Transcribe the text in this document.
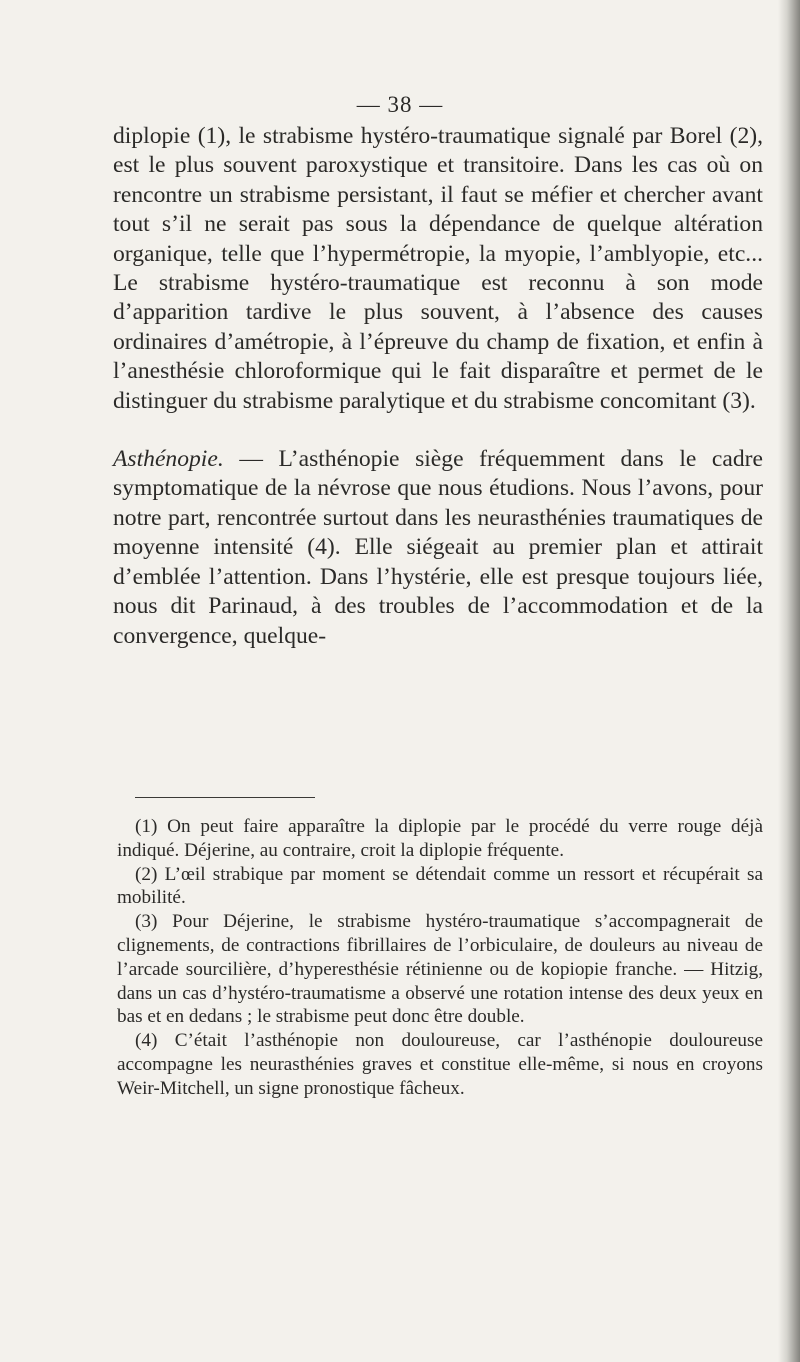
— 38 —

diplopie (1), le strabisme hystéro-traumatique signalé par Borel (2), est le plus souvent paroxystique et transitoire. Dans les cas où on rencontre un strabisme persistant, il faut se méfier et chercher avant tout s’il ne serait pas sous la dépendance de quelque altération organique, telle que l’hypermétropie, la myopie, l’amblyopie, etc... Le strabisme hystéro-traumatique est reconnu à son mode d’apparition tardive le plus souvent, à l’absence des causes ordinaires d’amétropie, à l’épreuve du champ de fixation, et enfin à l’anesthésie chloroformique qui le fait disparaître et permet de le distinguer du strabisme paralytique et du strabisme concomitant (3).

Asthénopie. — L’asthénopie siège fréquemment dans le cadre symptomatique de la névrose que nous étudions. Nous l’avons, pour notre part, rencontrée surtout dans les neurasthénies traumatiques de moyenne intensité (4). Elle siégeait au premier plan et attirait d’emblée l’attention. Dans l’hystérie, elle est presque toujours liée, nous dit Parinaud, à des troubles de l’accommodation et de la convergence, quelque-

(1) On peut faire apparaître la diplopie par le procédé du verre rouge déjà indiqué. Déjerine, au contraire, croit la diplopie fréquente.

(2) L’œil strabique par moment se détendait comme un ressort et récupérait sa mobilité.

(3) Pour Déjerine, le strabisme hystéro-traumatique s’accompagnerait de clignements, de contractions fibrillaires de l’orbiculaire, de douleurs au niveau de l’arcade sourcilière, d’hyperesthésie rétinienne ou de kopiopie franche. — Hitzig, dans un cas d’hystéro-traumatisme a observé une rotation intense des deux yeux en bas et en dedans ; le strabisme peut donc être double.

(4) C’était l’asthénopie non douloureuse, car l’asthénopie douloureuse accompagne les neurasthénies graves et constitue elle-même, si nous en croyons Weir-Mitchell, un signe pronostique fâcheux.
